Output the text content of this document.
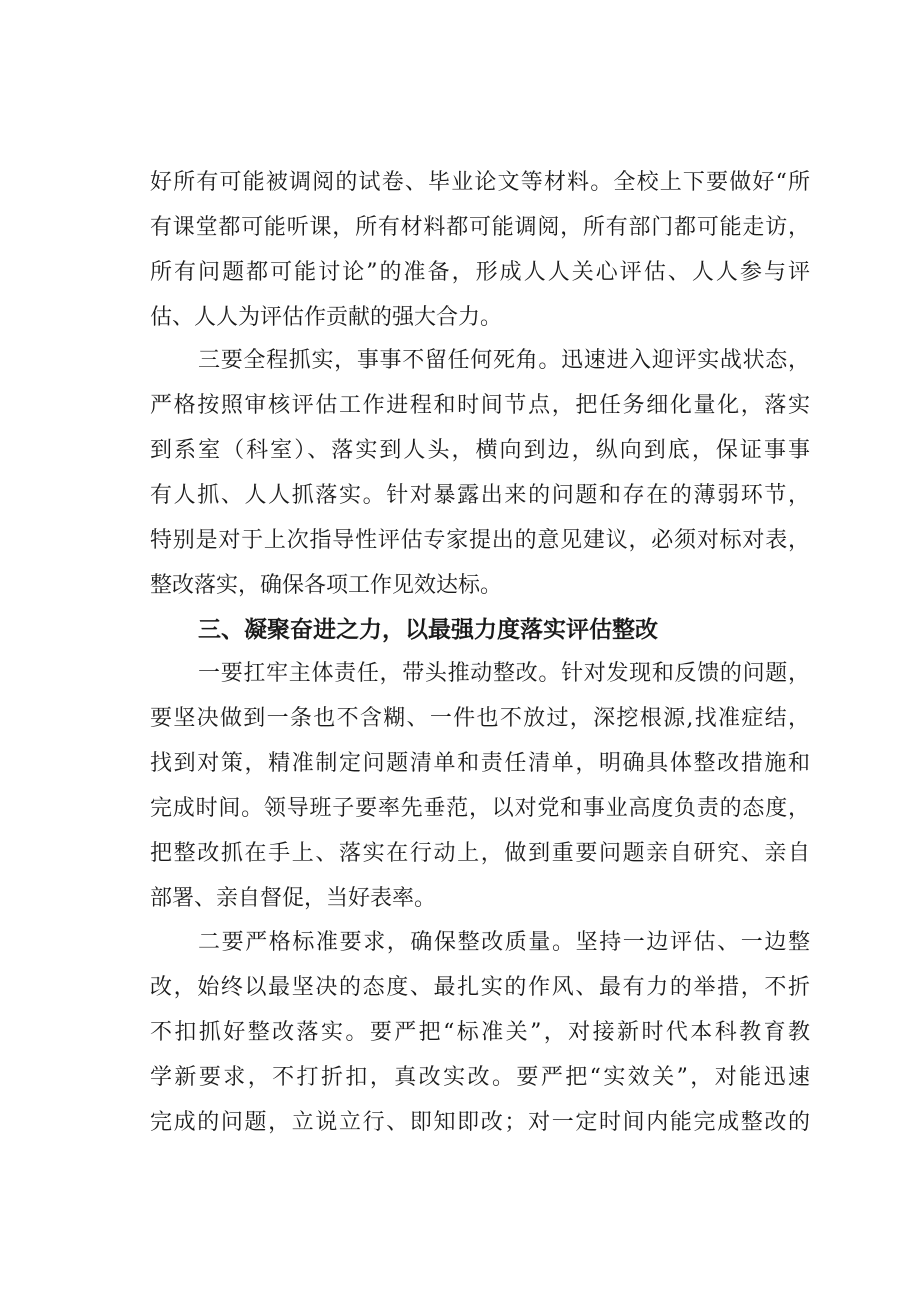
好所有可能被调阅的试卷、毕业论文等材料。全校上下要做好“所
有课堂都可能听课，所有材料都可能调阅，所有部门都可能走访，
所有问题都可能讨论”的准备，形成人人关心评估、人人参与评
估、人人为评估作贡献的强大合力。
三要全程抓实，事事不留任何死角。迅速进入迎评实战状态，
严格按照审核评估工作进程和时间节点，把任务细化量化，落实
到系室（科室）、落实到人头，横向到边，纵向到底，保证事事
有人抓、人人抓落实。针对暴露出来的问题和存在的薄弱环节，
特别是对于上次指导性评估专家提出的意见建议，必须对标对表，
整改落实，确保各项工作见效达标。
三、凝聚奋进之力，以最强力度落实评估整改
一要扛牢主体责任，带头推动整改。针对发现和反馈的问题，
要坚决做到一条也不含糊、一件也不放过，深挖根源,找准症结，
找到对策，精准制定问题清单和责任清单，明确具体整改措施和
完成时间。领导班子要率先垂范，以对党和事业高度负责的态度，
把整改抓在手上、落实在行动上，做到重要问题亲自研究、亲自
部署、亲自督促，当好表率。
二要严格标准要求，确保整改质量。坚持一边评估、一边整
改，始终以最坚决的态度、最扎实的作风、最有力的举措，不折
不扣抓好整改落实。要严把“标准关”，对接新时代本科教育教
学新要求，不打折扣，真改实改。要严把“实效关”，对能迅速
完成的问题，立说立行、即知即改；对一定时间内能完成整改的
